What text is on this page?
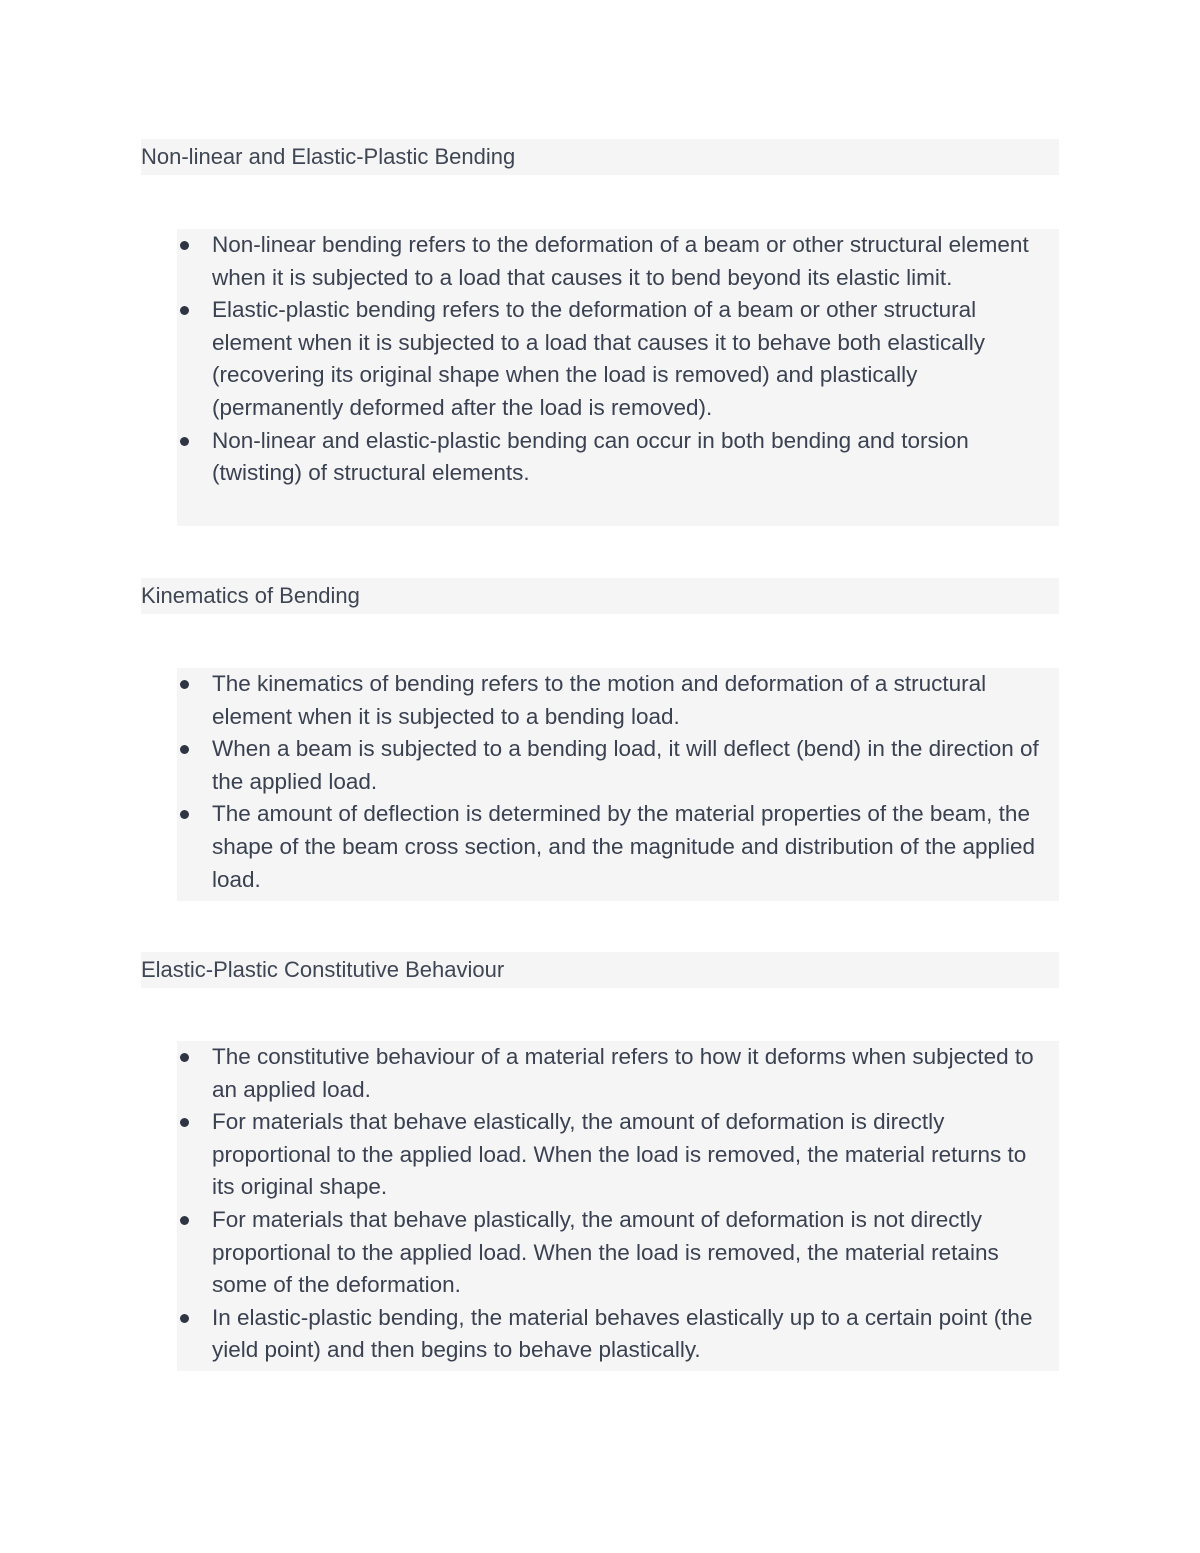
Non-linear and Elastic-Plastic Bending
Non-linear bending refers to the deformation of a beam or other structural element when it is subjected to a load that causes it to bend beyond its elastic limit.
Elastic-plastic bending refers to the deformation of a beam or other structural element when it is subjected to a load that causes it to behave both elastically (recovering its original shape when the load is removed) and plastically (permanently deformed after the load is removed).
Non-linear and elastic-plastic bending can occur in both bending and torsion (twisting) of structural elements.
Kinematics of Bending
The kinematics of bending refers to the motion and deformation of a structural element when it is subjected to a bending load.
When a beam is subjected to a bending load, it will deflect (bend) in the direction of the applied load.
The amount of deflection is determined by the material properties of the beam, the shape of the beam cross section, and the magnitude and distribution of the applied load.
Elastic-Plastic Constitutive Behaviour
The constitutive behaviour of a material refers to how it deforms when subjected to an applied load.
For materials that behave elastically, the amount of deformation is directly proportional to the applied load. When the load is removed, the material returns to its original shape.
For materials that behave plastically, the amount of deformation is not directly proportional to the applied load. When the load is removed, the material retains some of the deformation.
In elastic-plastic bending, the material behaves elastically up to a certain point (the yield point) and then begins to behave plastically.
